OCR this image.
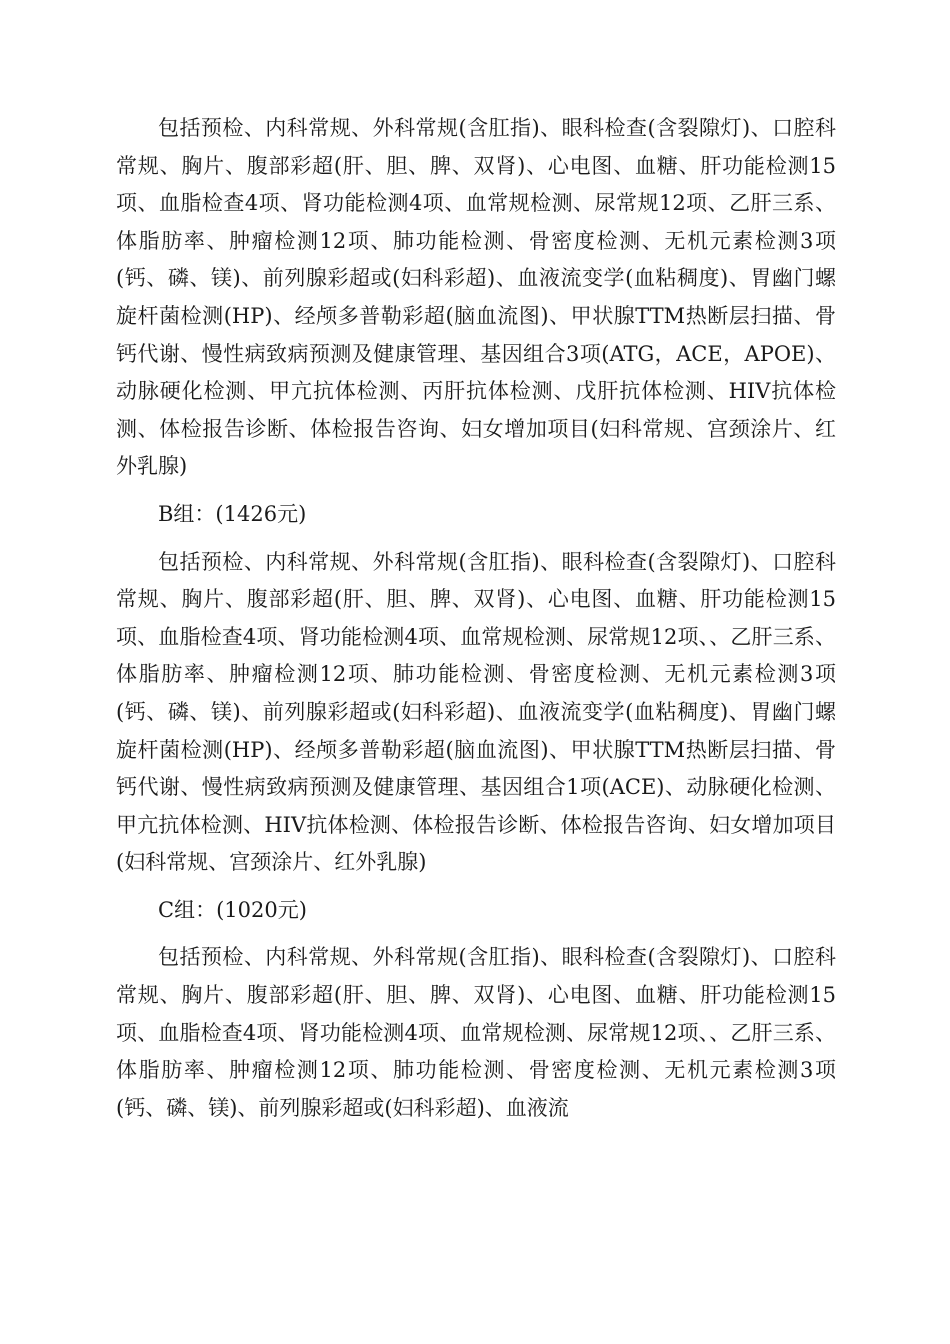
包括预检、内科常规、外科常规(含肛指)、眼科检查(含裂隙灯)、口腔科常规、胸片、腹部彩超(肝、胆、脾、双肾)、心电图、血糖、肝功能检测15项、血脂检查4项、肾功能检测4项、血常规检测、尿常规12项、乙肝三系、体脂肪率、肿瘤检测12项、肺功能检测、骨密度检测、无机元素检测3项(钙、磷、镁)、前列腺彩超或(妇科彩超)、血液流变学(血粘稠度)、胃幽门螺旋杆菌检测(HP)、经颅多普勒彩超(脑血流图)、甲状腺TTM热断层扫描、骨钙代谢、慢性病致病预测及健康管理、基因组合3项(ATG，ACE，APOE)、动脉硬化检测、甲亢抗体检测、丙肝抗体检测、戊肝抗体检测、HIV抗体检测、体检报告诊断、体检报告咨询、妇女增加项目(妇科常规、宫颈涂片、红外乳腺)

B组：(1426元)

包括预检、内科常规、外科常规(含肛指)、眼科检查(含裂隙灯)、口腔科常规、胸片、腹部彩超(肝、胆、脾、双肾)、心电图、血糖、肝功能检测15项、血脂检查4项、肾功能检测4项、血常规检测、尿常规12项、、乙肝三系、体脂肪率、肿瘤检测12项、肺功能检测、骨密度检测、无机元素检测3项(钙、磷、镁)、前列腺彩超或(妇科彩超)、血液流变学(血粘稠度)、胃幽门螺旋杆菌检测(HP)、经颅多普勒彩超(脑血流图)、甲状腺TTM热断层扫描、骨钙代谢、慢性病致病预测及健康管理、基因组合1项(ACE)、动脉硬化检测、甲亢抗体检测、HIV抗体检测、体检报告诊断、体检报告咨询、妇女增加项目(妇科常规、宫颈涂片、红外乳腺)

C组：(1020元)

包括预检、内科常规、外科常规(含肛指)、眼科检查(含裂隙灯)、口腔科常规、胸片、腹部彩超(肝、胆、脾、双肾)、心电图、血糖、肝功能检测15项、血脂检查4项、肾功能检测4项、血常规检测、尿常规12项、、乙肝三系、体脂肪率、肿瘤检测12项、肺功能检测、骨密度检测、无机元素检测3项(钙、磷、镁)、前列腺彩超或(妇科彩超)、血液流
